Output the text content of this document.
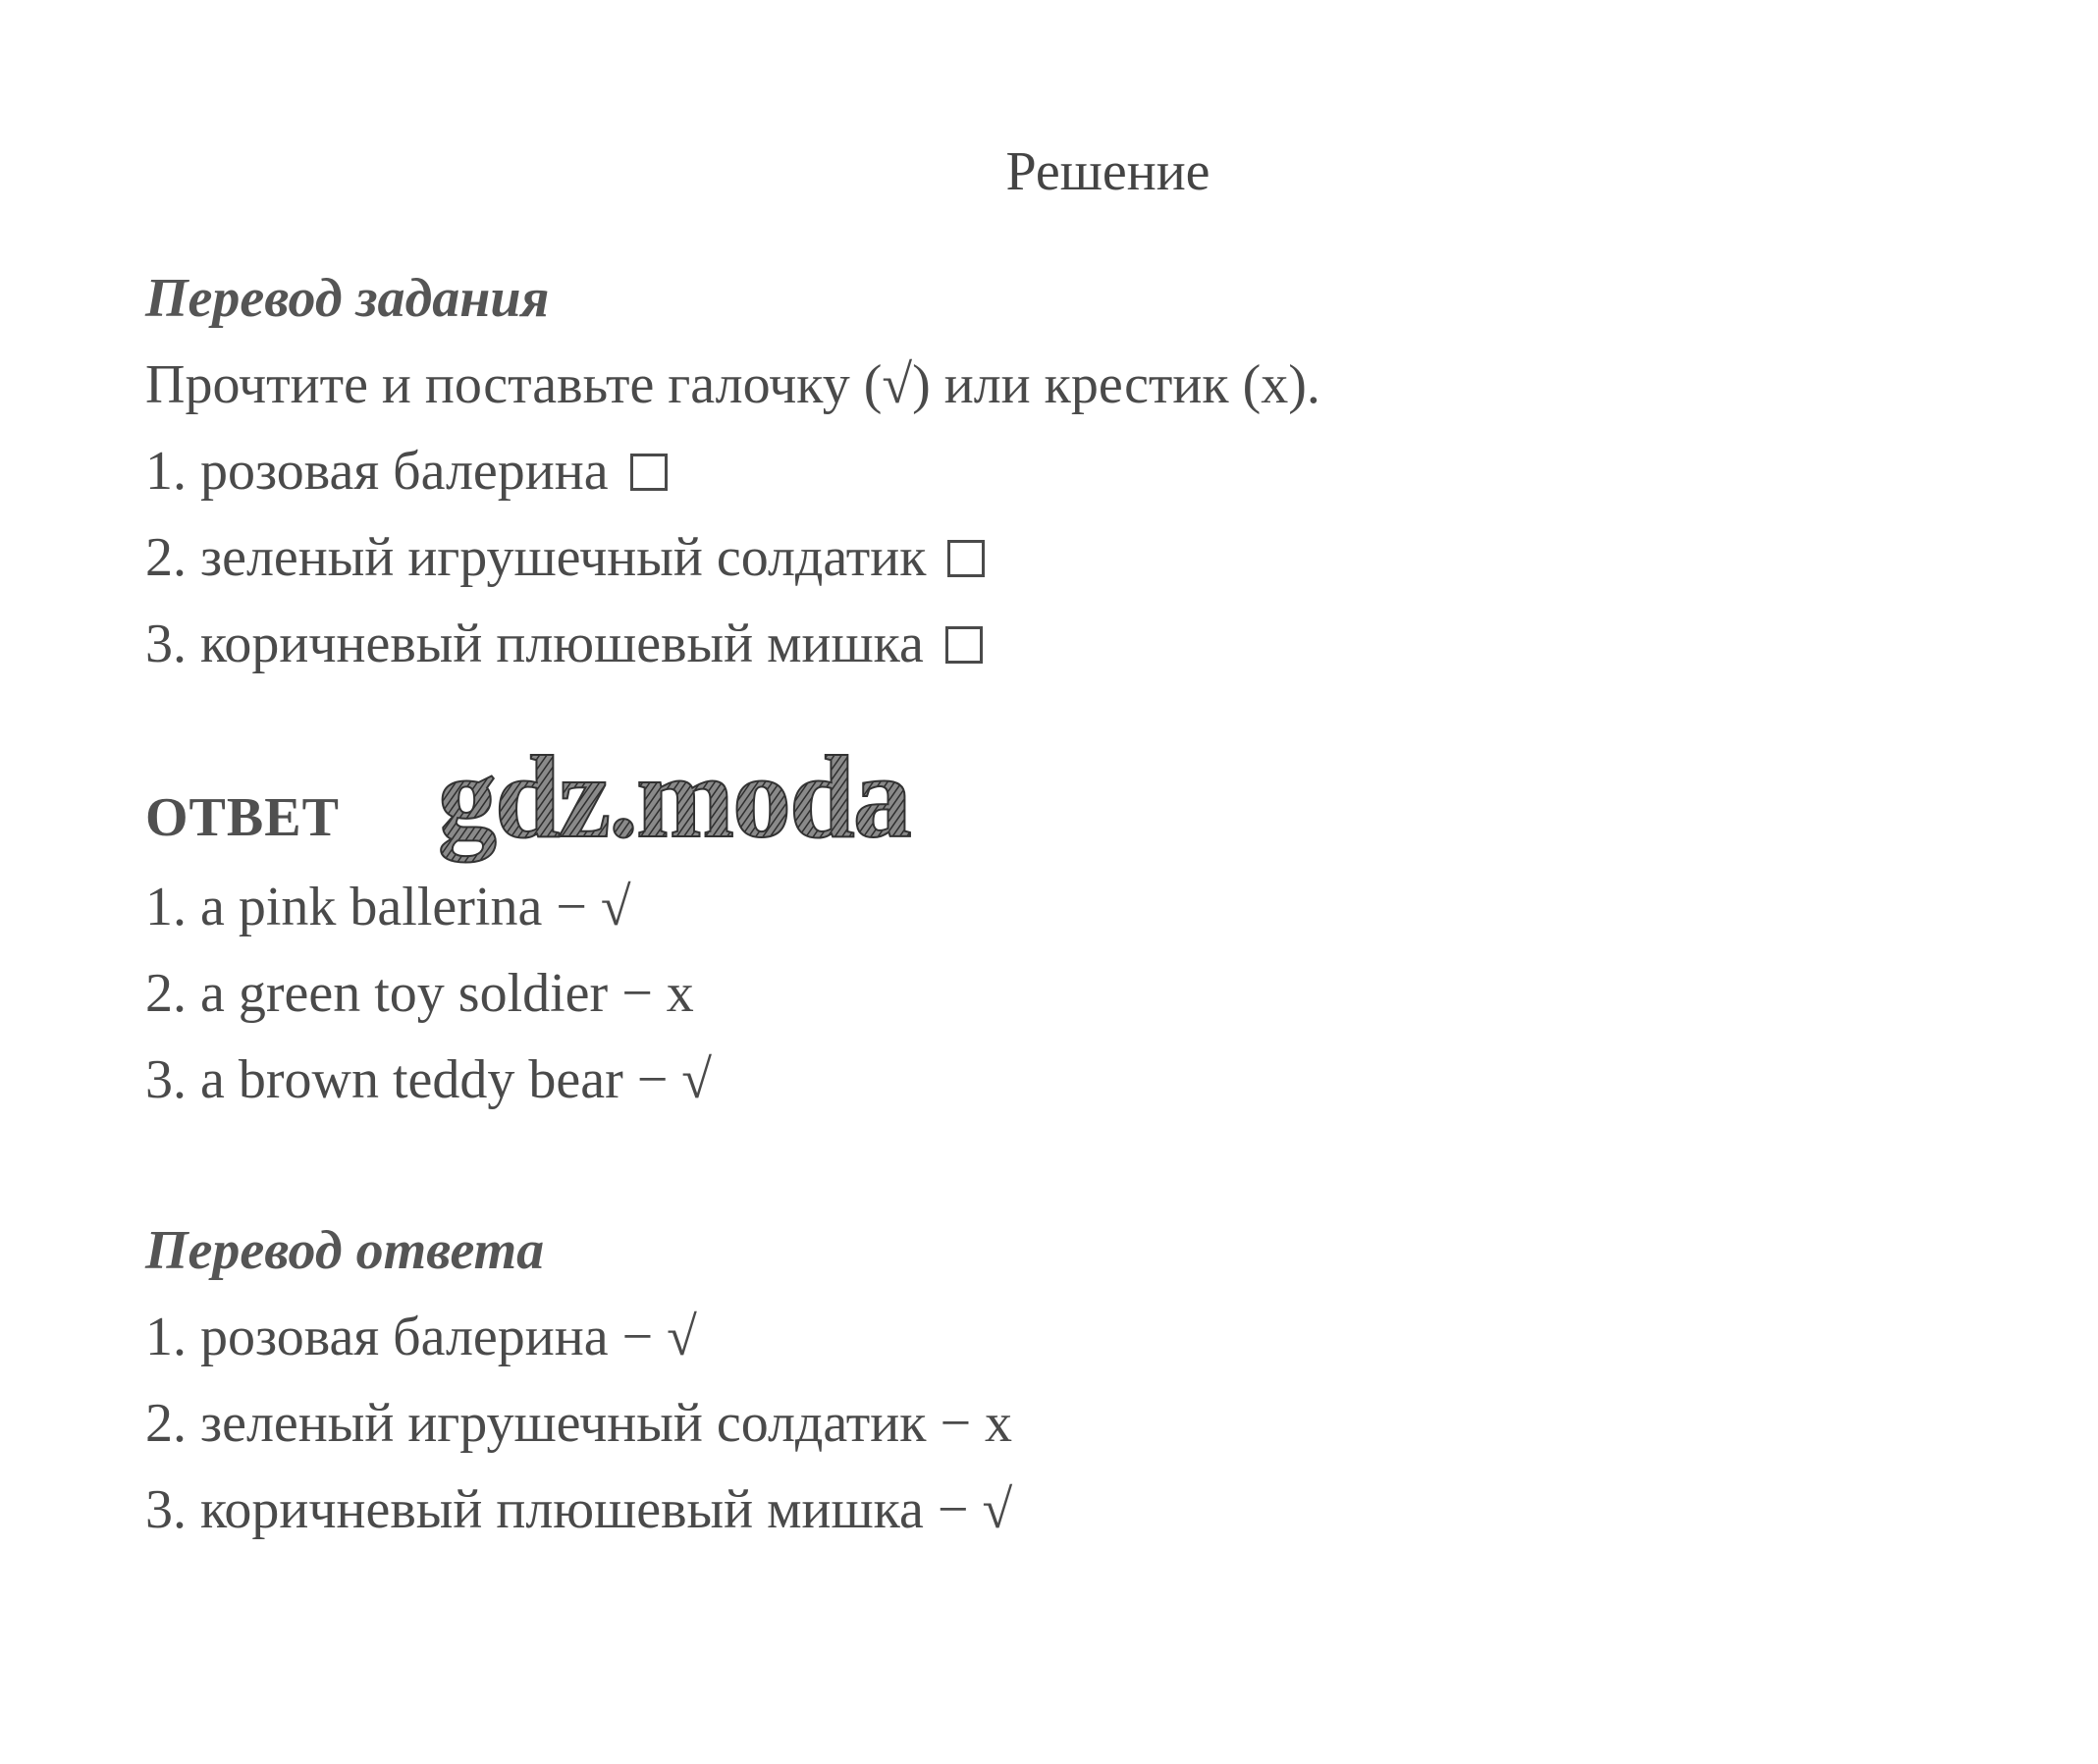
Решение
Перевод задания
Прочтите и поставьте галочку (√) или крестик (x).
1. розовая балерина
2. зеленый игрушечный солдатик
3. коричневый плюшевый мишка
ОТВЕТ gdz.moda
1. a pink ballerina − √
2. a green toy soldier − x
3. a brown teddy bear − √
Перевод ответа
1. розовая балерина − √
2. зеленый игрушечный солдатик − x
3. коричневый плюшевый мишка − √
